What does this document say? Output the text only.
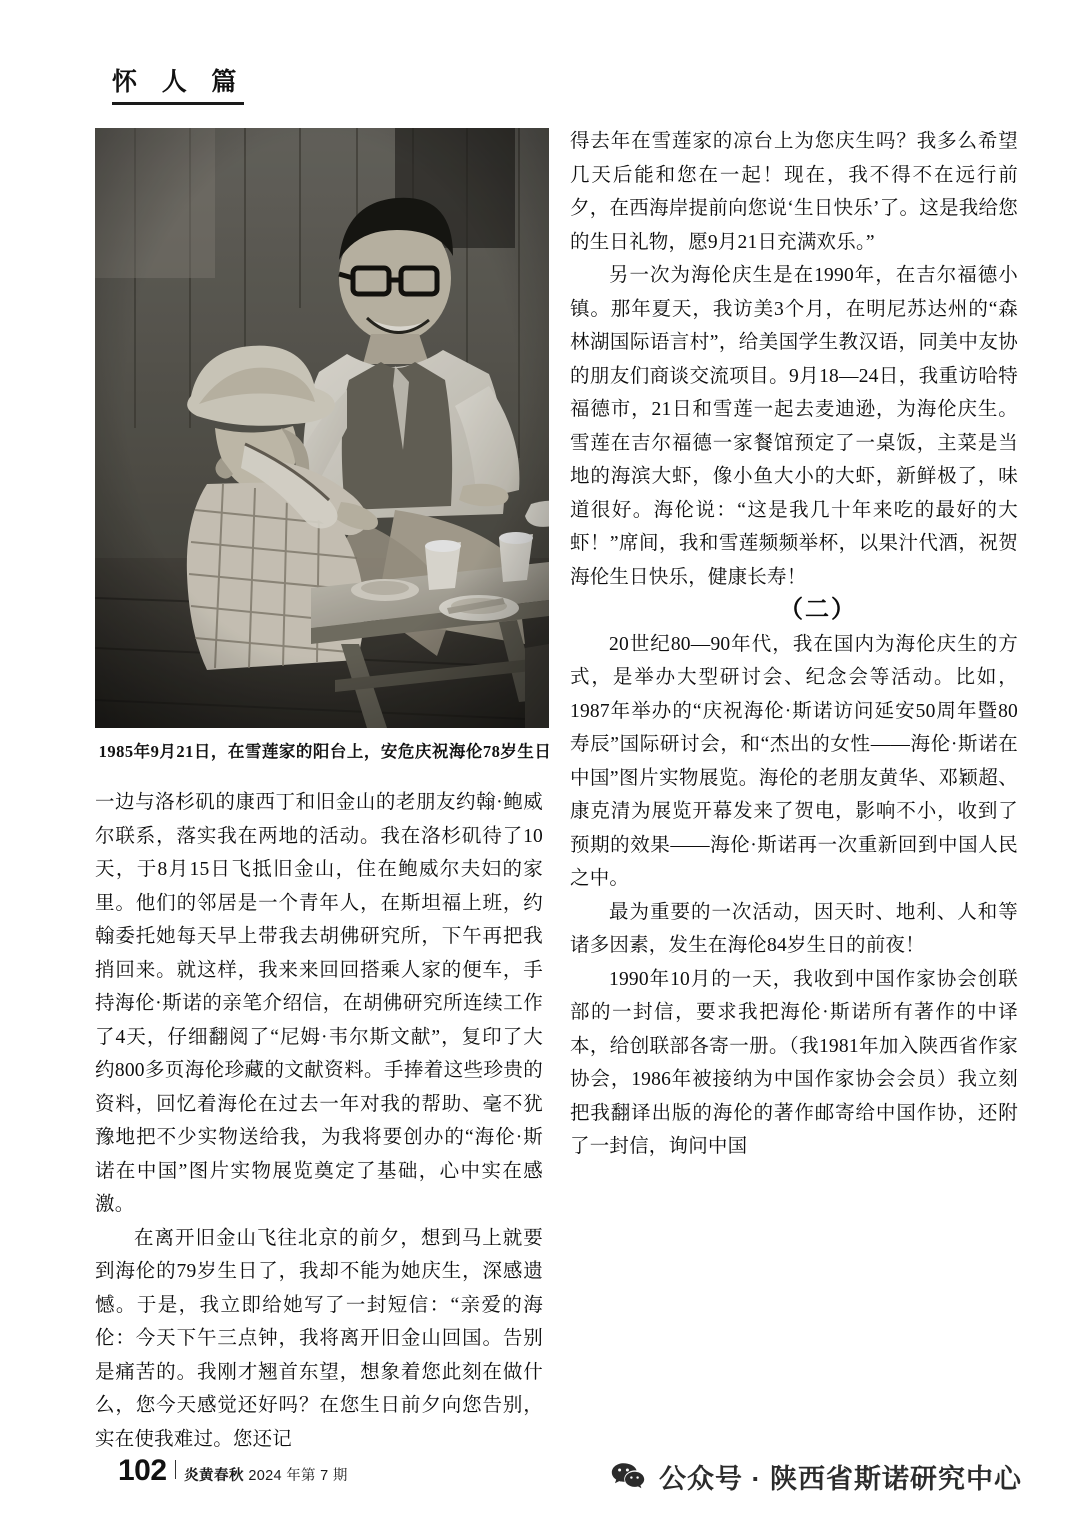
怀 人 篇
1985年9月21日，在雪莲家的阳台上，安危庆祝海伦78岁生日

一边与洛杉矶的康西丁和旧金山的老朋友约翰·鲍威尔联系，落实我在两地的活动。我在洛杉矶待了10天，于8月15日飞抵旧金山，住在鲍威尔夫妇的家里。他们的邻居是一个青年人，在斯坦福上班，约翰委托她每天早上带我去胡佛研究所，下午再把我捎回来。就这样，我来来回回搭乘人家的便车，手持海伦·斯诺的亲笔介绍信，在胡佛研究所连续工作了4天，仔细翻阅了“尼姆·韦尔斯文献”，复印了大约800多页海伦珍藏的文献资料。手捧着这些珍贵的资料，回忆着海伦在过去一年对我的帮助、毫不犹豫地把不少实物送给我，为我将要创办的“海伦·斯诺在中国”图片实物展览奠定了基础，心中实在感激。

在离开旧金山飞往北京的前夕，想到马上就要到海伦的79岁生日了，我却不能为她庆生，深感遗憾。于是，我立即给她写了一封短信：“亲爱的海伦：今天下午三点钟，我将离开旧金山回国。告别是痛苦的。我刚才翘首东望，想象着您此刻在做什么，您今天感觉还好吗？在您生日前夕向您告别，实在使我难过。您还记

得去年在雪莲家的凉台上为您庆生吗？我多么希望几天后能和您在一起！现在，我不得不在远行前夕，在西海岸提前向您说‘生日快乐’了。这是我给您的生日礼物，愿9月21日充满欢乐。”

另一次为海伦庆生是在1990年，在吉尔福德小镇。那年夏天，我访美3个月，在明尼苏达州的“森林湖国际语言村”，给美国学生教汉语，同美中友协的朋友们商谈交流项目。9月18—24日，我重访哈特福德市，21日和雪莲一起去麦迪逊，为海伦庆生。雪莲在吉尔福德一家餐馆预定了一桌饭，主菜是当地的海滨大虾，像小鱼大小的大虾，新鲜极了，味道很好。海伦说：“这是我几十年来吃的最好的大虾！”席间，我和雪莲频频举杯，以果汁代酒，祝贺海伦生日快乐，健康长寿！

（二）

20世纪80—90年代，我在国内为海伦庆生的方式，是举办大型研讨会、纪念会等活动。比如，1987年举办的“庆祝海伦·斯诺访问延安50周年暨80寿辰”国际研讨会，和“杰出的女性——海伦·斯诺在中国”图片实物展览。海伦的老朋友黄华、邓颖超、康克清为展览开幕发来了贺电，影响不小，收到了预期的效果——海伦·斯诺再一次重新回到中国人民之中。

最为重要的一次活动，因天时、地利、人和等诸多因素，发生在海伦84岁生日的前夜！

1990年10月的一天，我收到中国作家协会创联部的一封信，要求我把海伦·斯诺所有著作的中译本，给创联部各寄一册。（我1981年加入陕西省作家协会，1986年被接纳为中国作家协会会员）我立刻把我翻译出版的海伦的著作邮寄给中国作协，还附了一封信，询问中国

102 炎黄春秋 2024 年第 7 期	公众号 · 陕西省斯诺研究中心
